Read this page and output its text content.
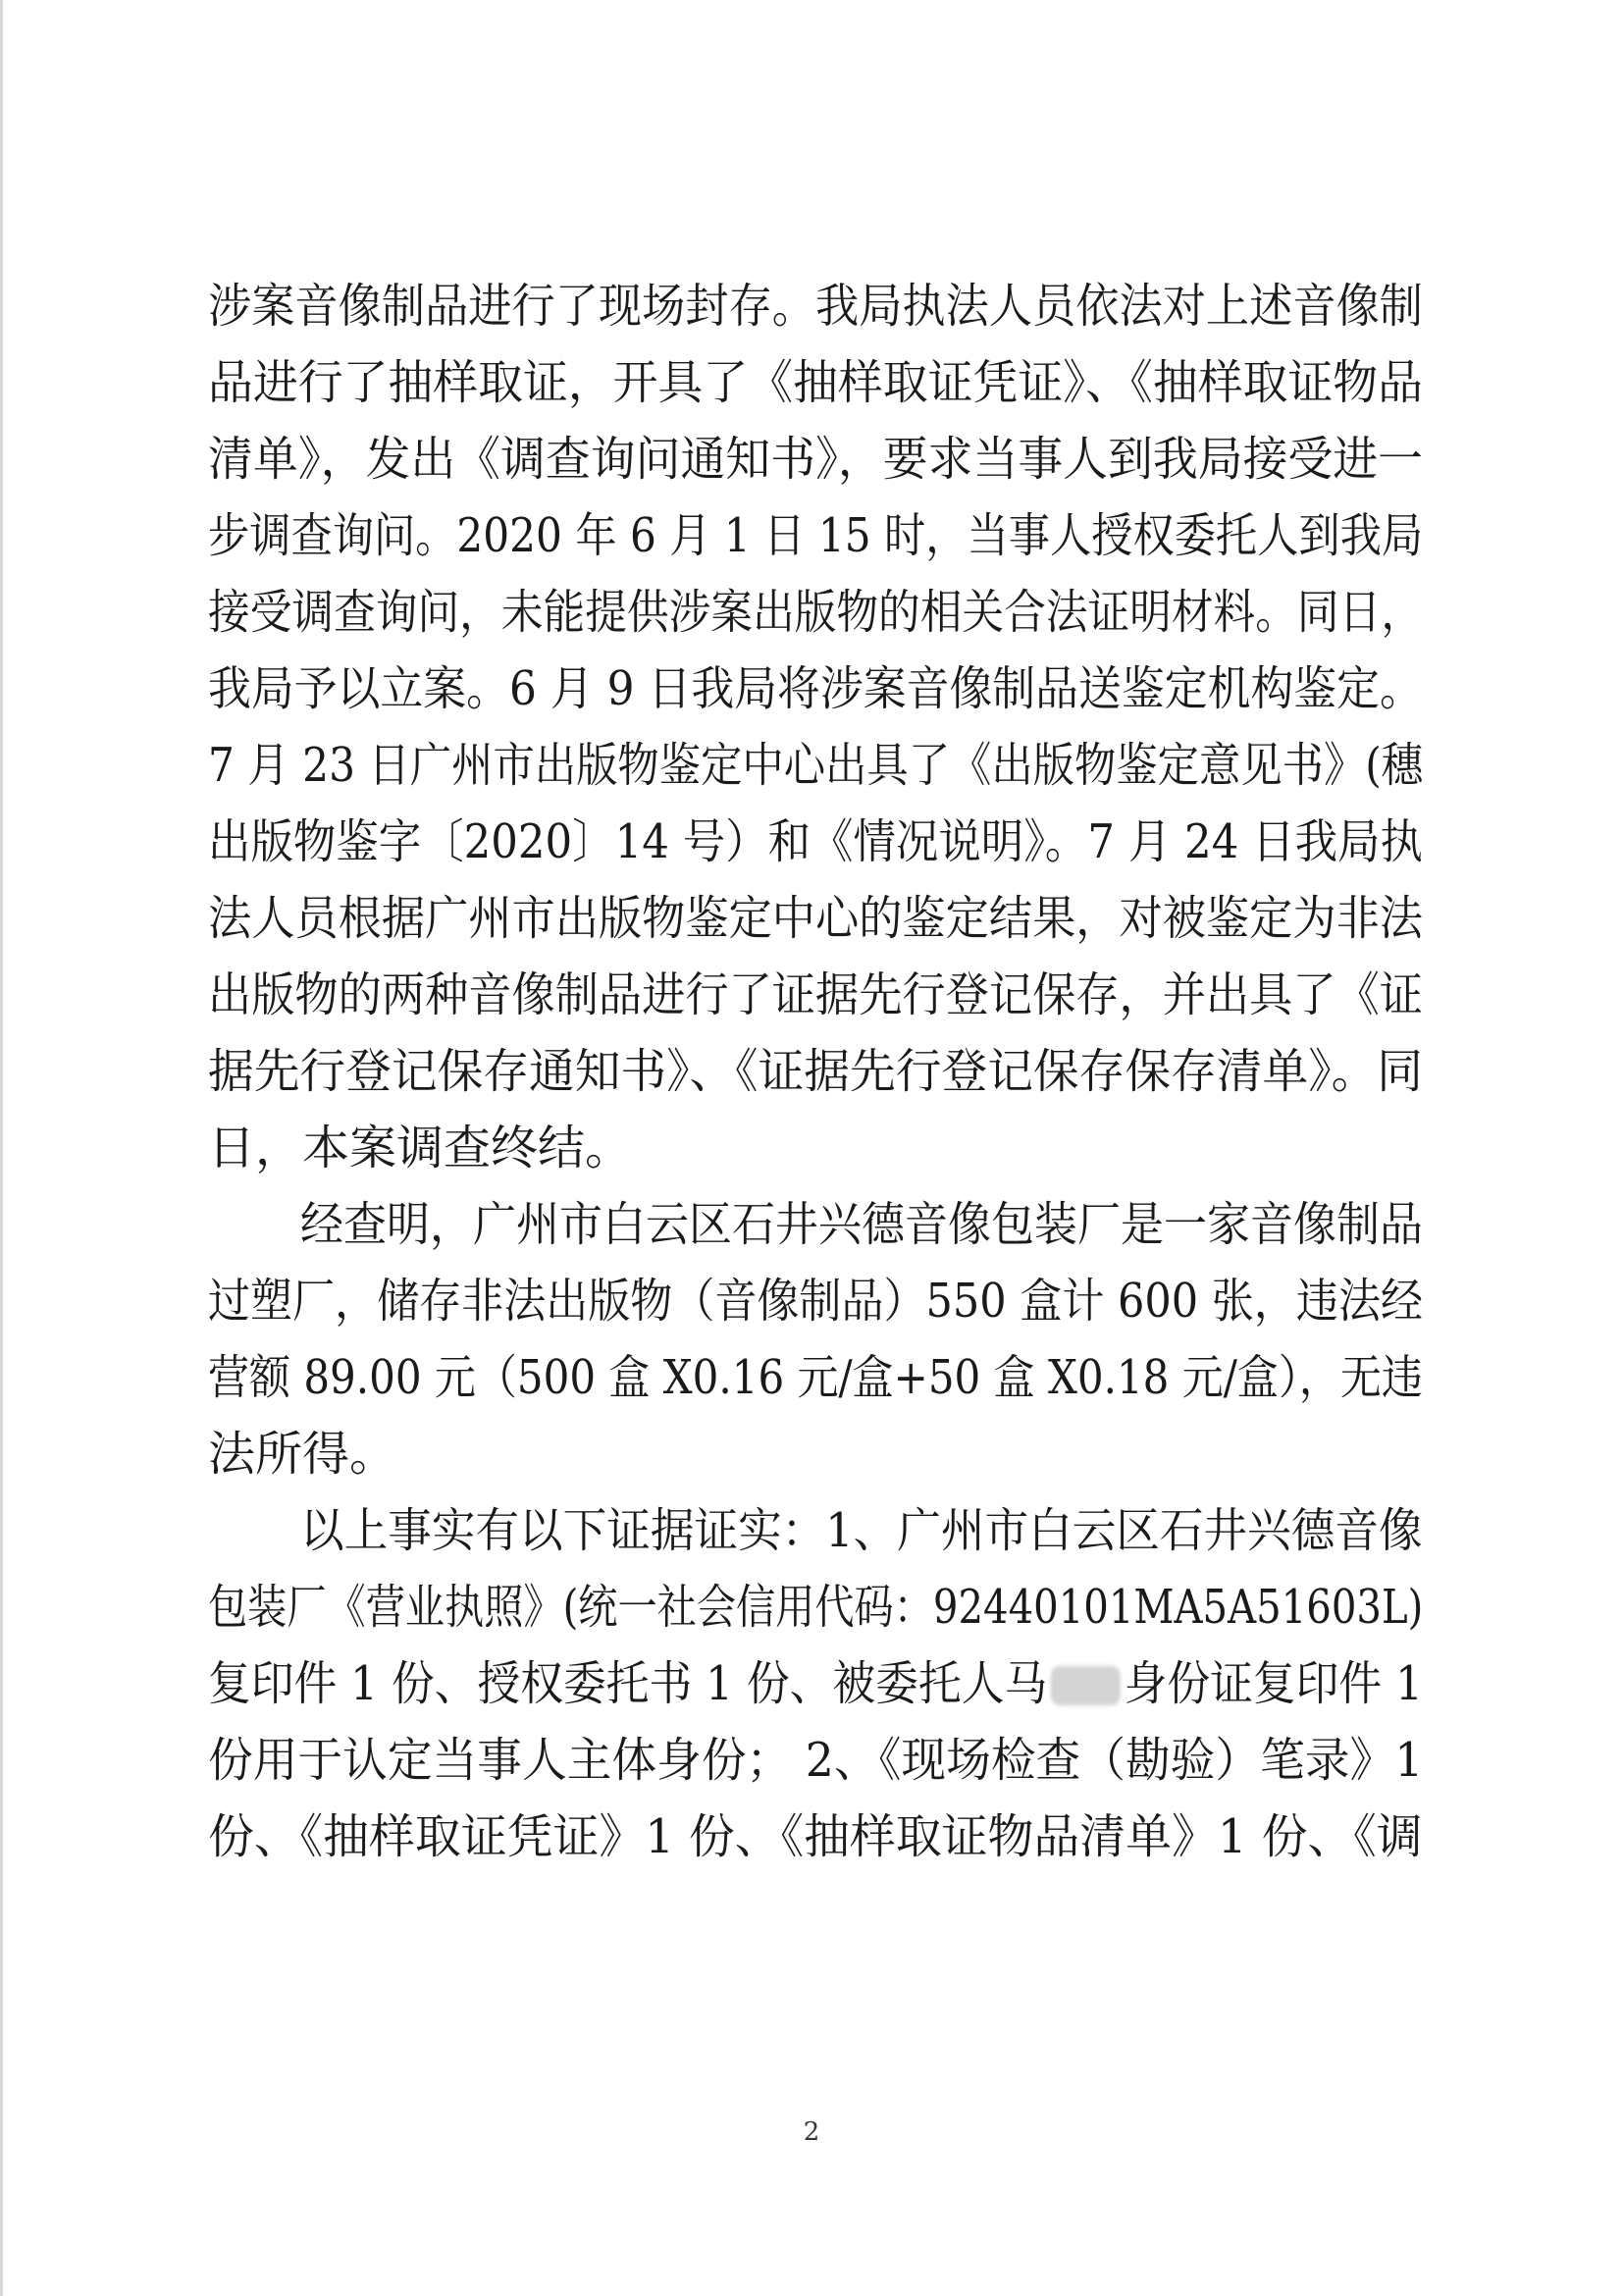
涉案音像制品进行了现场封存。我局执法人员依法对上述音像制
品进行了抽样取证，开具了《抽样取证凭证》、《抽样取证物品
清单》，发出《调查询问通知书》，要求当事人到我局接受进一
步调查询问。2020 年 6 月 1 日 15 时，当事人授权委托人到我局
接受调查询问，未能提供涉案出版物的相关合法证明材料。同日，
我局予以立案。6 月 9 日我局将涉案音像制品送鉴定机构鉴定。
7 月 23 日广州市出版物鉴定中心出具了《出版物鉴定意见书》(穗
出版物鉴字〔2020〕14 号）和《情况说明》。7 月 24 日我局执
法人员根据广州市出版物鉴定中心的鉴定结果，对被鉴定为非法
出版物的两种音像制品进行了证据先行登记保存，并出具了《证
据先行登记保存通知书》、《证据先行登记保存保存清单》。同
日，本案调查终结。
经查明，广州市白云区石井兴德音像包装厂是一家音像制品
过塑厂，储存非法出版物（音像制品）550 盒计 600 张，违法经
营额 89.00 元（500 盒 X0.16 元/盒+50 盒 X0.18 元/盒），无违
法所得。
以上事实有以下证据证实：1、广州市白云区石井兴德音像
包装厂《营业执照》(统一社会信用代码：92440101MA5A51603L)
复印件 1 份、授权委托书 1 份、被委托人马 身份证复印件 1
份用于认定当事人主体身份； 2、《现场检查（勘验）笔录》1
份、《抽样取证凭证》1 份、《抽样取证物品清单》1 份、《调
2
